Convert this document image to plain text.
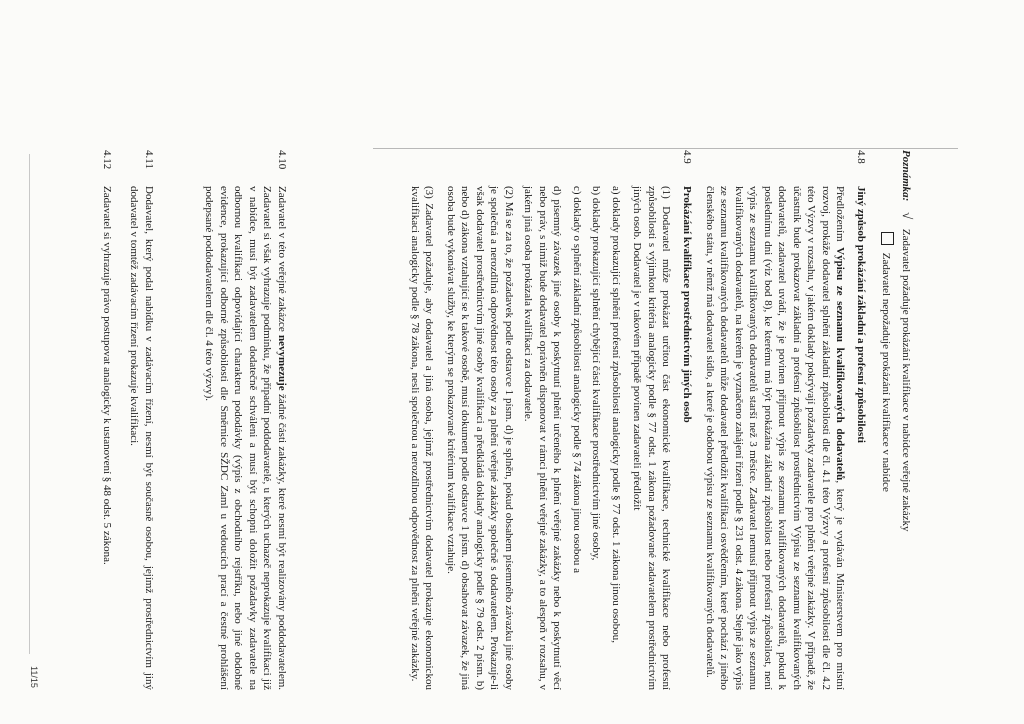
Poznámka: √ Zadavatel požaduje prokázání kvalifikace v nabídce veřejné zakázky
Zadavatel nepožaduje prokázání kvalifikace v nabídce
4.8
Jiný způsob prokázání základní a profesní způsobilosti

Předložením Výpisu ze seznamu kvalifikovaných dodavatelů, který je vydáván Ministerstvem pro místní rozvoj, prokáže dodavatel splnění základní způsobilosti dle čl. 4.1 této Výzvy a profesní způsobilosti dle čl. 4.2 této Výzvy v rozsahu, v jakém doklady pokrývají požadavky zadavatele pro plnění veřejné zakázky. V případě, že účastník bude prokazovat základní a profesní způsobilost prostřednictvím Výpisu ze seznamu kvalifikovaných dodavatelů, zadavatel uvádí, že je povinen přijmout výpis ze seznamu kvalifikovaných dodavatelů, pokud k poslednímu dni (viz bod 8), ke kterému má být prokázána základní způsobilost nebo profesní způsobilost, není výpis ze seznamu kvalifikovaných dodavatelů starší než 3 měsíce. Zadavatel nemusí přijmout výpis ze seznamu kvalifikovaných dodavatelů, na kterém je vyznačeno zahájení řízení podle § 231 odst. 4 zákona. Stejně jako výpis ze seznamu kvalifikovaných dodavatelů může dodavatel předložit kvalifikaci osvědčením, které pochází z jiného členského státu, v němž má dodavatel sídlo, a které je obdobou výpisu ze seznamu kvalifikovaných dodavatelů.

4.9
Prokázání kvalifikace prostřednictvím jiných osob

(1) Dodavatel může prokázat určitou část ekonomické kvalifikace, technické kvalifikace nebo profesní způsobilosti s výjimkou kritéria analogicky podle § 77 odst. 1 zákona požadované zadavatelem prostřednictvím jiných osob. Dodavatel je v takovém případě povinen zadavateli předložit

a) doklady prokazující splnění profesní způsobilosti analogicky podle § 77 odst. 1 zákona jinou osobou,
b) doklady prokazující splnění chybějící části kvalifikace prostřednictvím jiné osoby,
c) doklady o splnění základní způsobilosti analogicky podle § 74 zákona jinou osobou a
d) písemný závazek jiné osoby k poskytnutí plnění určeného k plnění veřejné zakázky nebo k poskytnutí věcí nebo práv, s nimiž bude dodavatel oprávněn disponovat v rámci plnění veřejné zakázky, a to alespoň v rozsahu, v jakém jiná osoba prokázala kvalifikaci za dodavatele.

(2) Má se za to, že požadavek podle odstavce 1 písm. d) je splněn, pokud obsahem písemného závazku jiné osoby je společná a nerozdílná odpovědnost této osoby za plnění veřejné zakázky společně s dodavatelem. Prokazuje-li však dodavatel prostřednictvím jiné osoby kvalifikaci a předkládá doklady analogicky podle § 79 odst. 2 písm. b) nebo d) zákona vztahující se k takové osobě, musí dokument podle odstavce 1 písm. d) obsahovat závazek, že jiná osoba bude vykonávat služby, ke kterým se prokazované kritérium kvalifikace vztahuje.

(3) Zadavatel požaduje, aby dodavatel a jiná osoba, jejímž prostřednictvím dodavatel prokazuje ekonomickou kvalifikaci analogicky podle § 78 zákona, nesli společnou a nerozdílnou odpovědnost za plnění veřejné zakázky.

4.10

Zadavatel v této veřejné zakázce nevymezuje žádné části zakázky, které nesmí být realizovány poddodavatelem. Zadavatel si však vyhrazuje podmínku, že případní poddodavatelé, u kterých uchazeč neprokazuje kvalifikaci již v nabídce, musí být zadavatelem dodatečně schváleni a musí být schopni doložit požadavky zadavatele na odbornou kvalifikaci odpovídající charakteru pododávky (výpis z obchodního rejstříku, nebo jiné obdobné evidence, prokazující odborné způsobilosti dle Směrnice SŽDC Zaml u vedoucích prací a čestné prohlášení podepsané poddodavatelem dle čl. 4 této výzvy).

4.11

Dodavatel, který podal nabídku v zadávacím řízení, nesmí být současně osobou, jejímž prostřednictvím jiný dodavatel v tomtéž zadávacím řízení prokazuje kvalifikaci.

4.12

Zadavatel si vyhrazuje právo postupovat analogicky k ustanovení § 48 odst. 5 zákona.

11/15
